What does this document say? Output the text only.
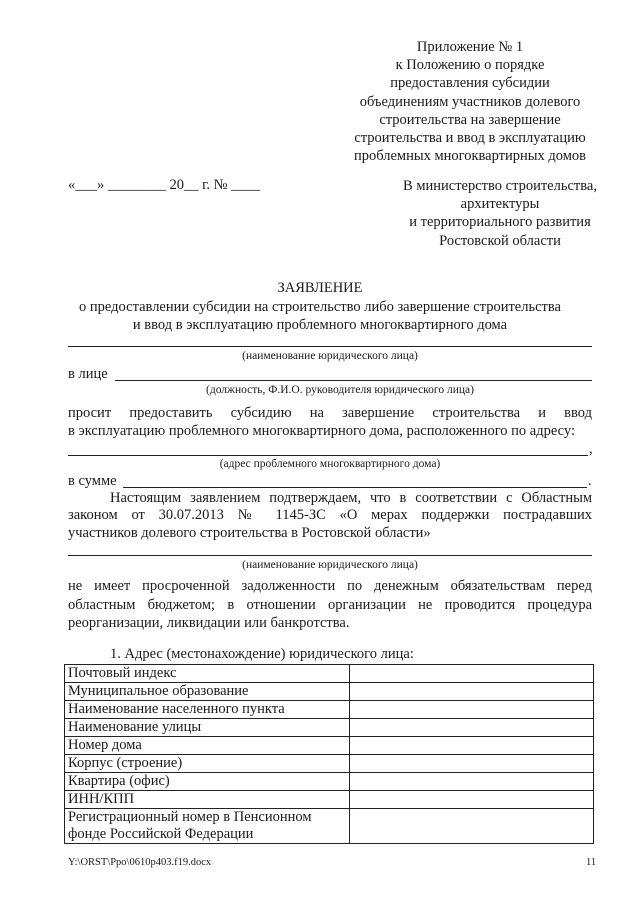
Приложение № 1
к Положению о порядке
предоставления субсидии
объединениям участников долевого
строительства на завершение
строительства и ввод в эксплуатацию
проблемных многоквартирных домов
«___» ________ 20__ г. № ____	В министерство строительства,
архитектуры
и территориального развития
Ростовской области
ЗАЯВЛЕНИЕ
о предоставлении субсидии на строительство либо завершение строительства
и ввод в эксплуатацию проблемного многоквартирного дома
(наименование юридического лица)
в лице
(должность, Ф.И.О. руководителя юридического лица)
просит предоставить субсидию на завершение строительства и ввод
в эксплуатацию проблемного многоквартирного дома, расположенного по адресу:
,
(адрес проблемного многоквартирного дома)
в сумме	.
Настоящим заявлением подтверждаем, что в соответствии с Областным
законом от 30.07.2013 № 1145-ЗС «О мерах поддержки пострадавших
участников долевого строительства в Ростовской области»
(наименование юридического лица)
не имеет просроченной задолженности по денежным обязательствам перед
областным бюджетом; в отношении организации не проводится процедура
реорганизации, ликвидации или банкротства.
1. Адрес (местонахождение) юридического лица:
Почтовый индекс	
Муниципальное образование	
Наименование населенного пункта	
Наименование улицы	
Номер дома	
Корпус (строение)	
Квартира (офис)	
ИНН/КПП	
Регистрационный номер в Пенсионном фонде Российской Федерации	
Y:\ORST\Ppo\0610p403.f19.docx	11
